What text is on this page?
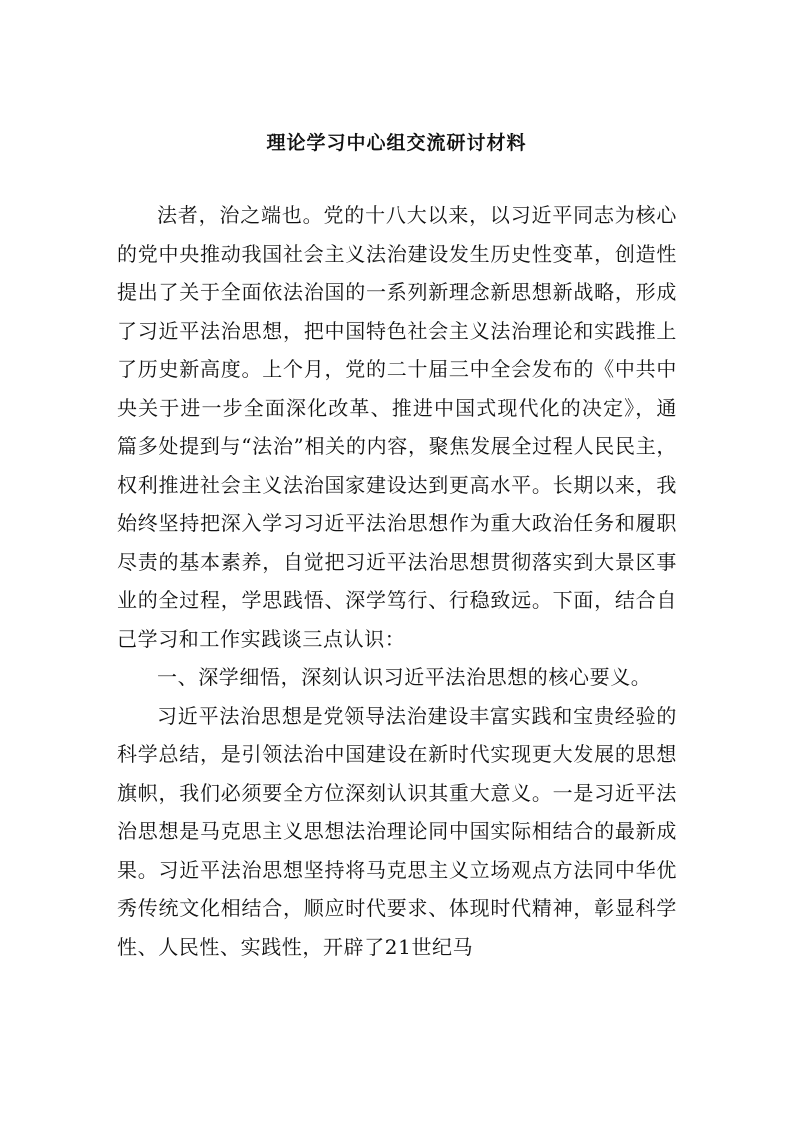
理论学习中心组交流研讨材料

法者，治之端也。党的十八大以来，以习近平同志为核心的党中央推动我国社会主义法治建设发生历史性变革，创造性提出了关于全面依法治国的一系列新理念新思想新战略，形成了习近平法治思想，把中国特色社会主义法治理论和实践推上了历史新高度。上个月，党的二十届三中全会发布的《中共中央关于进一步全面深化改革、推进中国式现代化的决定》，通篇多处提到与“法治”相关的内容，聚焦发展全过程人民民主，权利推进社会主义法治国家建设达到更高水平。长期以来，我始终坚持把深入学习习近平法治思想作为重大政治任务和履职尽责的基本素养，自觉把习近平法治思想贯彻落实到大景区事业的全过程，学思践悟、深学笃行、行稳致远。下面，结合自己学习和工作实践谈三点认识：

一、深学细悟，深刻认识习近平法治思想的核心要义。

习近平法治思想是党领导法治建设丰富实践和宝贵经验的科学总结，是引领法治中国建设在新时代实现更大发展的思想旗帜，我们必须要全方位深刻认识其重大意义。一是习近平法治思想是马克思主义思想法治理论同中国实际相结合的最新成果。习近平法治思想坚持将马克思主义立场观点方法同中华优秀传统文化相结合，顺应时代要求、体现时代精神，彰显科学性、人民性、实践性，开辟了21世纪马
